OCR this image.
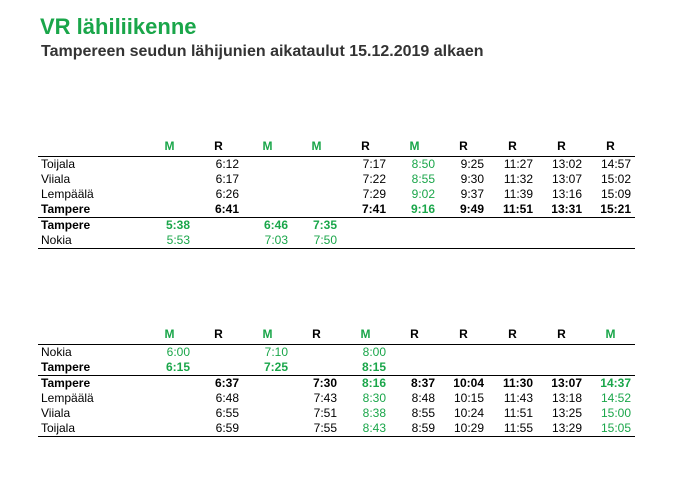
VR lähiliikenne
Tampereen seudun lähijunien aikataulut 15.12.2019 alkaen
	M	R	M	M	R	M	R	R	R	R
Toijala		6:12			7:17	8:50	9:25	11:27	13:02	14:57
Viiala		6:17			7:22	8:55	9:30	11:32	13:07	15:02
Lempäälä		6:26			7:29	9:02	9:37	11:39	13:16	15:09
Tampere		6:41			7:41	9:16	9:49	11:51	13:31	15:21
Tampere	5:38		6:46	7:35						
Nokia	5:53		7:03	7:50						
	M	R	M	R	M	R	R	R	R	M
Nokia	6:00		7:10		8:00					
Tampere	6:15		7:25		8:15					
Tampere		6:37		7:30	8:16	8:37	10:04	11:30	13:07	14:37
Lempäälä		6:48		7:43	8:30	8:48	10:15	11:43	13:18	14:52
Viiala		6:55		7:51	8:38	8:55	10:24	11:51	13:25	15:00
Toijala		6:59		7:55	8:43	8:59	10:29	11:55	13:29	15:05
